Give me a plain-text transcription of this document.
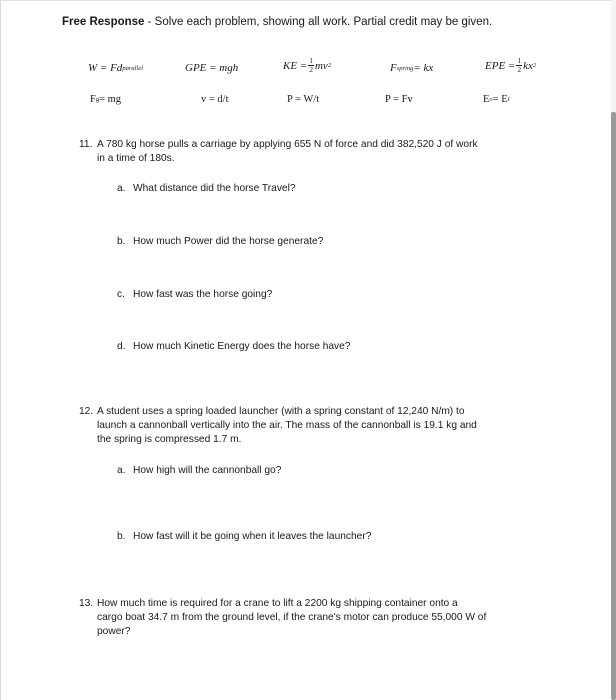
Free Response - Solve each problem, showing all work. Partial credit may be given.
W = Fd parallel	GPE = mgh	KE = $\frac{1}{2}$ mv 2	F spring = kx	EPE = $\frac{1}{2}$ kx 2
F g = mg	v = d/t	P = W/t	P = Fv	E o = E f
11. A 780 kg horse pulls a carriage by applying 655 N of force and did 382,520 J of work
in a time of 180s.
a. What distance did the horse Travel?
b. How much Power did the horse generate?
c. How fast was the horse going?
d. How much Kinetic Energy does the horse have?
12. A student uses a spring loaded launcher (with a spring constant of 12,240 N/m) to
launch a cannonball vertically into the air. The mass of the cannonball is 19.1 kg and
the spring is compressed 1.7 m.
a. How high will the cannonball go?
b. How fast will it be going when it leaves the launcher?
13. How much time is required for a crane to lift a 2200 kg shipping container onto a
cargo boat 34.7 m from the ground level, if the crane's motor can produce 55,000 W of
power?
